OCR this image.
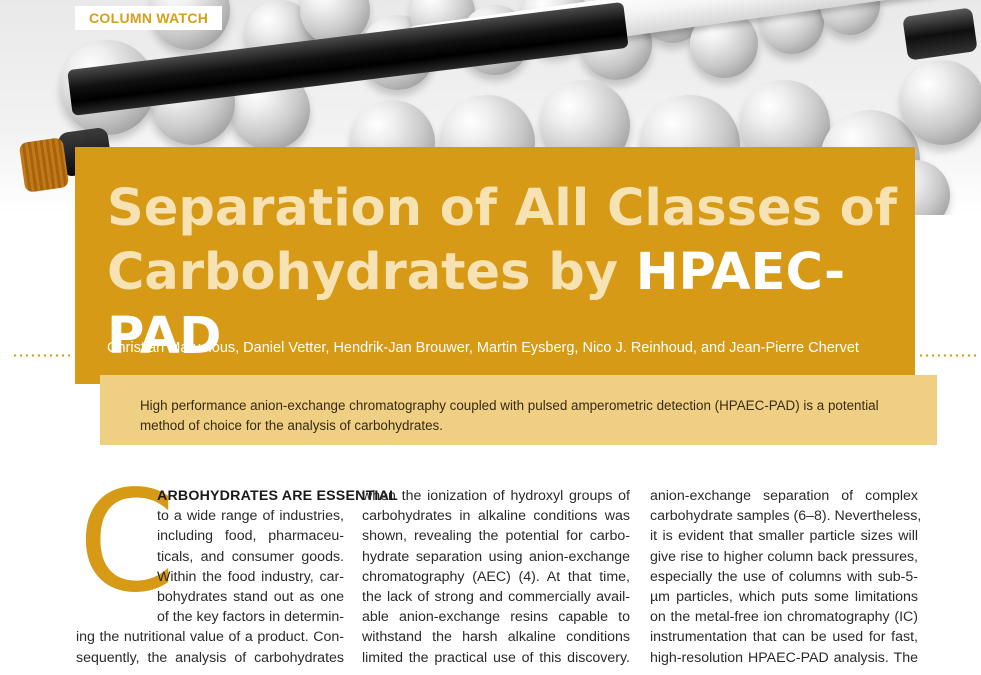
COLUMN WATCH
Separation of All Classes of
Carbohydrates by HPAEC-PAD
Christian Marvelous, Daniel Vetter, Hendrik-Jan Brouwer, Martin Eysberg, Nico J. Reinhoud, and Jean-Pierre Chervet

High performance anion-exchange chromatography coupled with pulsed amperometric detection (HPAEC-PAD) is a potential method of choice for the analysis of carbohydrates.

C
ARBOHYDRATES ARE ESSENTIAL
to a wide range of industries,
including food, pharmaceu-
ticals, and consumer goods.
Within the food industry, car-
bohydrates stand out as one
of the key factors in determin-
ing the nutritional value of a product. Con-
sequently, the analysis of carbohydrates
when the ionization of hydroxyl groups of
carbohydrates in alkaline conditions was
shown, revealing the potential for carbo-
hydrate separation using anion-exchange
chromatography (AEC) (4). At that time,
the lack of strong and commercially avail-
able anion-exchange resins capable to
withstand the harsh alkaline conditions
limited the practical use of this discovery.
anion-exchange separation of complex
carbohydrate samples (6–8). Nevertheless,
it is evident that smaller particle sizes will
give rise to higher column back pressures,
especially the use of columns with sub-5-
µm particles, which puts some limitations
on the metal-free ion chromatography (IC)
instrumentation that can be used for fast,
high-resolution HPAEC-PAD analysis. The
